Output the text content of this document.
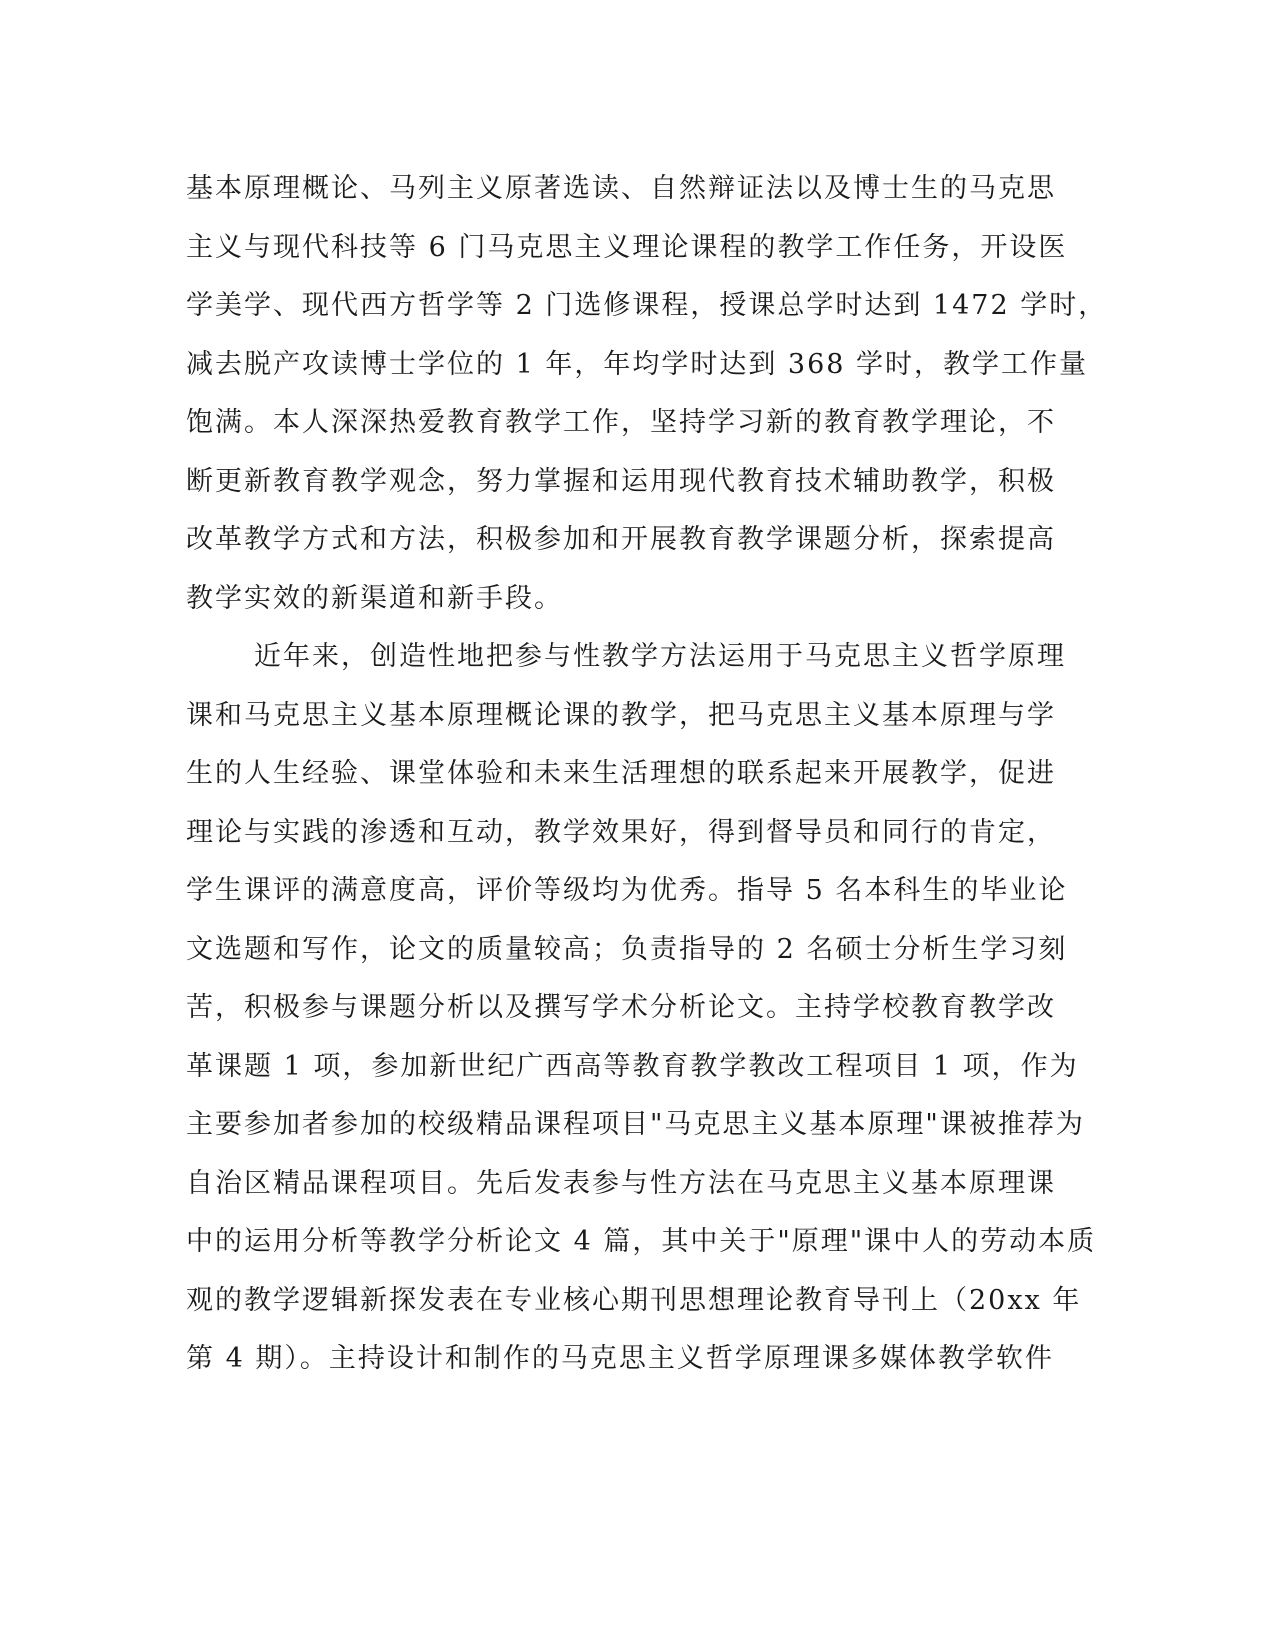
基本原理概论、马列主义原著选读、自然辩证法以及博士生的马克思
主义与现代科技等 6 门马克思主义理论课程的教学工作任务，开设医
学美学、现代西方哲学等 2 门选修课程，授课总学时达到 1472 学时，
减去脱产攻读博士学位的 1 年，年均学时达到 368 学时，教学工作量
饱满。本人深深热爱教育教学工作，坚持学习新的教育教学理论，不
断更新教育教学观念，努力掌握和运用现代教育技术辅助教学，积极
改革教学方式和方法，积极参加和开展教育教学课题分析，探索提高
教学实效的新渠道和新手段。
近年来，创造性地把参与性教学方法运用于马克思主义哲学原理
课和马克思主义基本原理概论课的教学，把马克思主义基本原理与学
生的人生经验、课堂体验和未来生活理想的联系起来开展教学，促进
理论与实践的渗透和互动，教学效果好，得到督导员和同行的肯定，
学生课评的满意度高，评价等级均为优秀。指导 5 名本科生的毕业论
文选题和写作，论文的质量较高；负责指导的 2 名硕士分析生学习刻
苦，积极参与课题分析以及撰写学术分析论文。主持学校教育教学改
革课题 1 项，参加新世纪广西高等教育教学教改工程项目 1 项，作为
主要参加者参加的校级精品课程项目"马克思主义基本原理"课被推荐为
自治区精品课程项目。先后发表参与性方法在马克思主义基本原理课
中的运用分析等教学分析论文 4 篇，其中关于"原理"课中人的劳动本质
观的教学逻辑新探发表在专业核心期刊思想理论教育导刊上（20xx 年
第 4 期）。主持设计和制作的马克思主义哲学原理课多媒体教学软件
